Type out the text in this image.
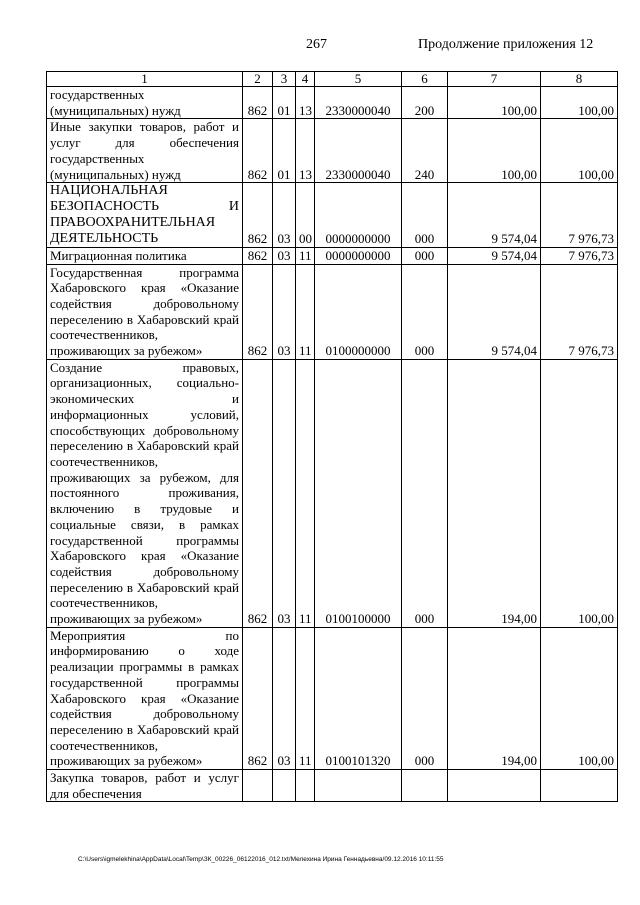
267	Продолжение приложения 12
1	2	3	4	5	6	7	8
государственных (муниципальных) нужд	862	01	13	2330000040	200	100,00	100,00
Иные закупки товаров, работ и услуг для обеспечения государственных (муниципальных) нужд	862	01	13	2330000040	240	100,00	100,00
НАЦИОНАЛЬНАЯ БЕЗОПАСНОСТЬ И ПРАВООХРАНИТЕЛЬНАЯ ДЕЯТЕЛЬНОСТЬ	862	03	00	0000000000	000	9 574,04	7 976,73
Миграционная политика	862	03	11	0000000000	000	9 574,04	7 976,73
Государственная программа Хабаровского края «Оказание содействия добровольному переселению в Хабаровский край соотечественников, проживающих за рубежом»	862	03	11	0100000000	000	9 574,04	7 976,73
Создание правовых, организационных, социально-экономических и информационных условий, способствующих добровольному переселению в Хабаровский край соотечественников, проживающих за рубежом, для постоянного проживания, включению в трудовые и социальные связи, в рамках государственной программы Хабаровского края «Оказание содействия добровольному переселению в Хабаровский край соотечественников, проживающих за рубежом»	862	03	11	0100100000	000	194,00	100,00
Мероприятия по информированию о ходе реализации программы в рамках государственной программы Хабаровского края «Оказание содействия добровольному переселению в Хабаровский край соотечественников, проживающих за рубежом»	862	03	11	0100101320	000	194,00	100,00
Закупка товаров, работ и услуг для обеспечения							
C:\Users\igmelekhina\AppData\Local\Temp\ЗК_00226_06122016_012.txt/Мелехина Ирина Геннадьевна/09.12.2016 10:11:55
